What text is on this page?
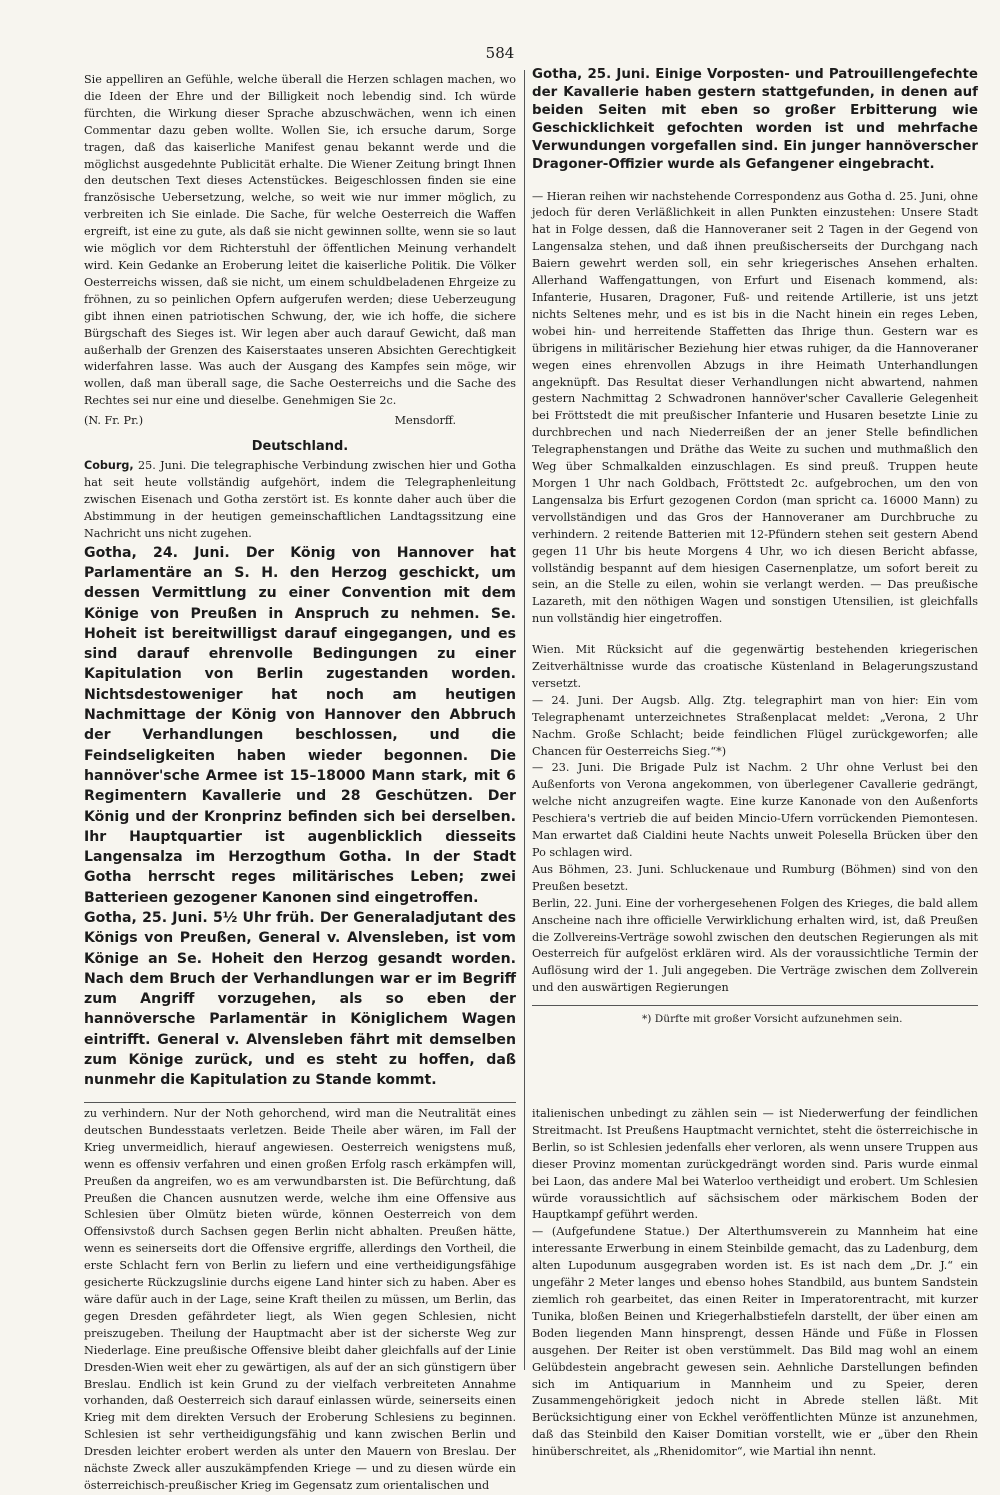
584

Sie appelliren an Gefühle, welche überall die Herzen schlagen machen, wo die Ideen der Ehre und der Billigkeit noch lebendig sind. Ich würde fürchten, die Wirkung dieser Sprache abzuschwächen, wenn ich einen Commentar dazu geben wollte. Wollen Sie, ich ersuche darum, Sorge tragen, daß das kaiserliche Manifest genau bekannt werde und die möglichst ausgedehnte Publicität erhalte. Die Wiener Zeitung bringt Ihnen den deutschen Text dieses Actenstückes. Beigeschlossen finden sie eine französische Uebersetzung, welche, so weit wie nur immer möglich, zu verbreiten ich Sie einlade. Die Sache, für welche Oesterreich die Waffen ergreift, ist eine zu gute, als daß sie nicht gewinnen sollte, wenn sie so laut wie möglich vor dem Richterstuhl der öffentlichen Meinung verhandelt wird. Kein Gedanke an Eroberung leitet die kaiserliche Politik. Die Völker Oesterreichs wissen, daß sie nicht, um einem schuldbeladenen Ehrgeize zu fröhnen, zu so peinlichen Opfern aufgerufen werden; diese Ueberzeugung gibt ihnen einen patriotischen Schwung, der, wie ich hoffe, die sichere Bürgschaft des Sieges ist. Wir legen aber auch darauf Gewicht, daß man außerhalb der Grenzen des Kaiserstaates unseren Absichten Gerechtigkeit widerfahren lasse. Was auch der Ausgang des Kampfes sein möge, wir wollen, daß man überall sage, die Sache Oesterreichs und die Sache des Rechtes sei nur eine und dieselbe. Genehmigen Sie 2c.

(N. Fr. Pr.)	Mensdorff.
Deutschland.

Coburg, 25. Juni. Die telegraphische Verbindung zwischen hier und Gotha hat seit heute vollständig aufgehört, indem die Telegraphenleitung zwischen Eisenach und Gotha zerstört ist. Es konnte daher auch über die Abstimmung in der heutigen gemeinschaftlichen Landtagssitzung eine Nachricht uns nicht zugehen.

Gotha, 24. Juni. Der König von Hannover hat Parlamentäre an S. H. den Herzog geschickt, um dessen Vermittlung zu einer Convention mit dem Könige von Preußen in Anspruch zu nehmen. Se. Hoheit ist bereitwilligst darauf eingegangen, und es sind darauf ehrenvolle Bedingungen zu einer Kapitulation von Berlin zugestanden worden. Nichtsdestoweniger hat noch am heutigen Nachmittage der König von Hannover den Abbruch der Verhandlungen beschlossen, und die Feindseligkeiten haben wieder begonnen. Die hannöver'sche Armee ist 15–18000 Mann stark, mit 6 Regimentern Kavallerie und 28 Geschützen. Der König und der Kronprinz befinden sich bei derselben. Ihr Hauptquartier ist augenblicklich diesseits Langensalza im Herzogthum Gotha. In der Stadt Gotha herrscht reges militärisches Leben; zwei Batterieen gezogener Kanonen sind eingetroffen.

Gotha, 25. Juni. 5½ Uhr früh. Der Generaladjutant des Königs von Preußen, General v. Alvensleben, ist vom Könige an Se. Hoheit den Herzog gesandt worden. Nach dem Bruch der Verhandlungen war er im Begriff zum Angriff vorzugehen, als so eben der hannöversche Parlamentär in Königlichem Wagen eintrifft. General v. Alvensleben fährt mit demselben zum Könige zurück, und es steht zu hoffen, daß nunmehr die Kapitulation zu Stande kommt.

Gotha, 25. Juni. Einige Vorposten- und Patrouillengefechte der Kavallerie haben gestern stattgefunden, in denen auf beiden Seiten mit eben so großer Erbitterung wie Geschicklichkeit gefochten worden ist und mehrfache Verwundungen vorgefallen sind. Ein junger hannöverscher Dragoner-Offizier wurde als Gefangener eingebracht.

— Hieran reihen wir nachstehende Correspondenz aus Gotha d. 25. Juni, ohne jedoch für deren Verläßlichkeit in allen Punkten einzustehen: Unsere Stadt hat in Folge dessen, daß die Hannoveraner seit 2 Tagen in der Gegend von Langensalza stehen, und daß ihnen preußischerseits der Durchgang nach Baiern gewehrt werden soll, ein sehr kriegerisches Ansehen erhalten. Allerhand Waffengattungen, von Erfurt und Eisenach kommend, als: Infanterie, Husaren, Dragoner, Fuß- und reitende Artillerie, ist uns jetzt nichts Seltenes mehr, und es ist bis in die Nacht hinein ein reges Leben, wobei hin- und herreitende Staffetten das Ihrige thun. Gestern war es übrigens in militärischer Beziehung hier etwas ruhiger, da die Hannoveraner wegen eines ehrenvollen Abzugs in ihre Heimath Unterhandlungen angeknüpft. Das Resultat dieser Verhandlungen nicht abwartend, nahmen gestern Nachmittag 2 Schwadronen hannöver'scher Cavallerie Gelegenheit bei Fröttstedt die mit preußischer Infanterie und Husaren besetzte Linie zu durchbrechen und nach Niederreißen der an jener Stelle befindlichen Telegraphenstangen und Dräthe das Weite zu suchen und muthmaßlich den Weg über Schmalkalden einzuschlagen. Es sind preuß. Truppen heute Morgen 1 Uhr nach Goldbach, Fröttstedt 2c. aufgebrochen, um den von Langensalza bis Erfurt gezogenen Cordon (man spricht ca. 16000 Mann) zu vervollständigen und das Gros der Hannoveraner am Durchbruche zu verhindern. 2 reitende Batterien mit 12-Pfündern stehen seit gestern Abend gegen 11 Uhr bis heute Morgens 4 Uhr, wo ich diesen Bericht abfasse, vollständig bespannt auf dem hiesigen Casernenplatze, um sofort bereit zu sein, an die Stelle zu eilen, wohin sie verlangt werden. — Das preußische Lazareth, mit den nöthigen Wagen und sonstigen Utensilien, ist gleichfalls nun vollständig hier eingetroffen.

Wien. Mit Rücksicht auf die gegenwärtig bestehenden kriegerischen Zeitverhältnisse wurde das croatische Küstenland in Belagerungszustand versetzt.

— 24. Juni. Der Augsb. Allg. Ztg. telegraphirt man von hier: Ein vom Telegraphenamt unterzeichnetes Straßenplacat meldet: „Verona, 2 Uhr Nachm. Große Schlacht; beide feindlichen Flügel zurückgeworfen; alle Chancen für Oesterreichs Sieg.“*)

— 23. Juni. Die Brigade Pulz ist Nachm. 2 Uhr ohne Verlust bei den Außenforts von Verona angekommen, von überlegener Cavallerie gedrängt, welche nicht anzugreifen wagte. Eine kurze Kanonade von den Außenforts Peschiera's vertrieb die auf beiden Mincio-Ufern vorrückenden Piemontesen. Man erwartet daß Cialdini heute Nachts unweit Polesella Brücken über den Po schlagen wird.

Aus Böhmen, 23. Juni. Schluckenaue und Rumburg (Böhmen) sind von den Preußen besetzt.

Berlin, 22. Juni. Eine der vorhergesehenen Folgen des Krieges, die bald allem Anscheine nach ihre officielle Verwirklichung erhalten wird, ist, daß Preußen die Zollvereins-Verträge sowohl zwischen den deutschen Regierungen als mit Oesterreich für aufgelöst erklären wird. Als der voraussichtliche Termin der Auflösung wird der 1. Juli angegeben. Die Verträge zwischen dem Zollverein und den auswärtigen Regierungen

*) Dürfte mit großer Vorsicht aufzunehmen sein.

zu verhindern. Nur der Noth gehorchend, wird man die Neutralität eines deutschen Bundesstaats verletzen. Beide Theile aber wären, im Fall der Krieg unvermeidlich, hierauf angewiesen. Oesterreich wenigstens muß, wenn es offensiv verfahren und einen großen Erfolg rasch erkämpfen will, Preußen da angreifen, wo es am verwundbarsten ist. Die Befürchtung, daß Preußen die Chancen ausnutzen werde, welche ihm eine Offensive aus Schlesien über Olmütz bieten würde, können Oesterreich von dem Offensivstoß durch Sachsen gegen Berlin nicht abhalten. Preußen hätte, wenn es seinerseits dort die Offensive ergriffe, allerdings den Vortheil, die erste Schlacht fern von Berlin zu liefern und eine vertheidigungsfähige gesicherte Rückzugslinie durchs eigene Land hinter sich zu haben. Aber es wäre dafür auch in der Lage, seine Kraft theilen zu müssen, um Berlin, das gegen Dresden gefährdeter liegt, als Wien gegen Schlesien, nicht preiszugeben. Theilung der Hauptmacht aber ist der sicherste Weg zur Niederlage. Eine preußische Offensive bleibt daher gleichfalls auf der Linie Dresden-Wien weit eher zu gewärtigen, als auf der an sich günstigern über Breslau. Endlich ist kein Grund zu der vielfach verbreiteten Annahme vorhanden, daß Oesterreich sich darauf einlassen würde, seinerseits einen Krieg mit dem direkten Versuch der Eroberung Schlesiens zu beginnen. Schlesien ist sehr vertheidigungsfähig und kann zwischen Berlin und Dresden leichter erobert werden als unter den Mauern von Breslau. Der nächste Zweck aller auszukämpfenden Kriege — und zu diesen würde ein österreichisch-preußischer Krieg im Gegensatz zum orientalischen und

italienischen unbedingt zu zählen sein — ist Niederwerfung der feindlichen Streitmacht. Ist Preußens Hauptmacht vernichtet, steht die österreichische in Berlin, so ist Schlesien jedenfalls eher verloren, als wenn unsere Truppen aus dieser Provinz momentan zurückgedrängt worden sind. Paris wurde einmal bei Laon, das andere Mal bei Waterloo vertheidigt und erobert. Um Schlesien würde voraussichtlich auf sächsischem oder märkischem Boden der Hauptkampf geführt werden.

— (Aufgefundene Statue.) Der Alterthumsverein zu Mannheim hat eine interessante Erwerbung in einem Steinbilde gemacht, das zu Ladenburg, dem alten Lupodunum ausgegraben worden ist. Es ist nach dem „Dr. J.“ ein ungefähr 2 Meter langes und ebenso hohes Standbild, aus buntem Sandstein ziemlich roh gearbeitet, das einen Reiter in Imperatorentracht, mit kurzer Tunika, bloßen Beinen und Kriegerhalbstiefeln darstellt, der über einen am Boden liegenden Mann hinsprengt, dessen Hände und Füße in Flossen ausgehen. Der Reiter ist oben verstümmelt. Das Bild mag wohl an einem Gelübdestein angebracht gewesen sein. Aehnliche Darstellungen befinden sich im Antiquarium in Mannheim und zu Speier, deren Zusammengehörigkeit jedoch nicht in Abrede stellen läßt. Mit Berücksichtigung einer von Eckhel veröffentlichten Münze ist anzunehmen, daß das Steinbild den Kaiser Domitian vorstellt, wie er „über den Rhein hinüberschreitet, als „Rhenidomitor“, wie Martial ihn nennt.
